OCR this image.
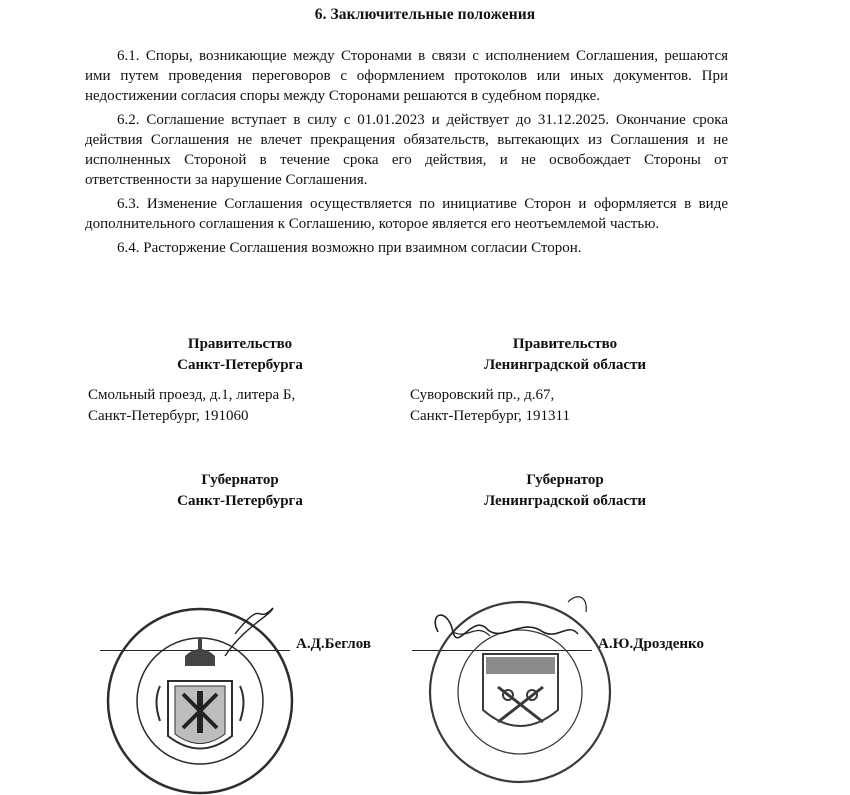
6. Заключительные положения

6.1. Споры, возникающие между Сторонами в связи с исполнением Соглашения, решаются ими путем проведения переговоров с оформлением протоколов или иных документов. При недостижении согласия споры между Сторонами решаются в судебном порядке.

6.2. Соглашение вступает в силу с 01.01.2023 и действует до 31.12.2025. Окончание срока действия Соглашения не влечет прекращения обязательств, вытекающих из Соглашения и не исполненных Стороной в течение срока его действия, и не освобождает Стороны от ответственности за нарушение Соглашения.

6.3. Изменение Соглашения осуществляется по инициативе Сторон и оформляется в виде дополнительного соглашения к Соглашению, которое является его неотъемлемой частью.

6.4. Расторжение Соглашения возможно при взаимном согласии Сторон.

Правительство
Санкт-Петербурга
Смольный проезд, д.1, литера Б,
Санкт-Петербург, 191060
Губернатор
Санкт-Петербурга
Правительство
Ленинградской области
Суворовский пр., д.67,
Санкт-Петербург, 191311
Губернатор
Ленинградской области
А.Д.Беглов	А.Ю.Дрозденко
